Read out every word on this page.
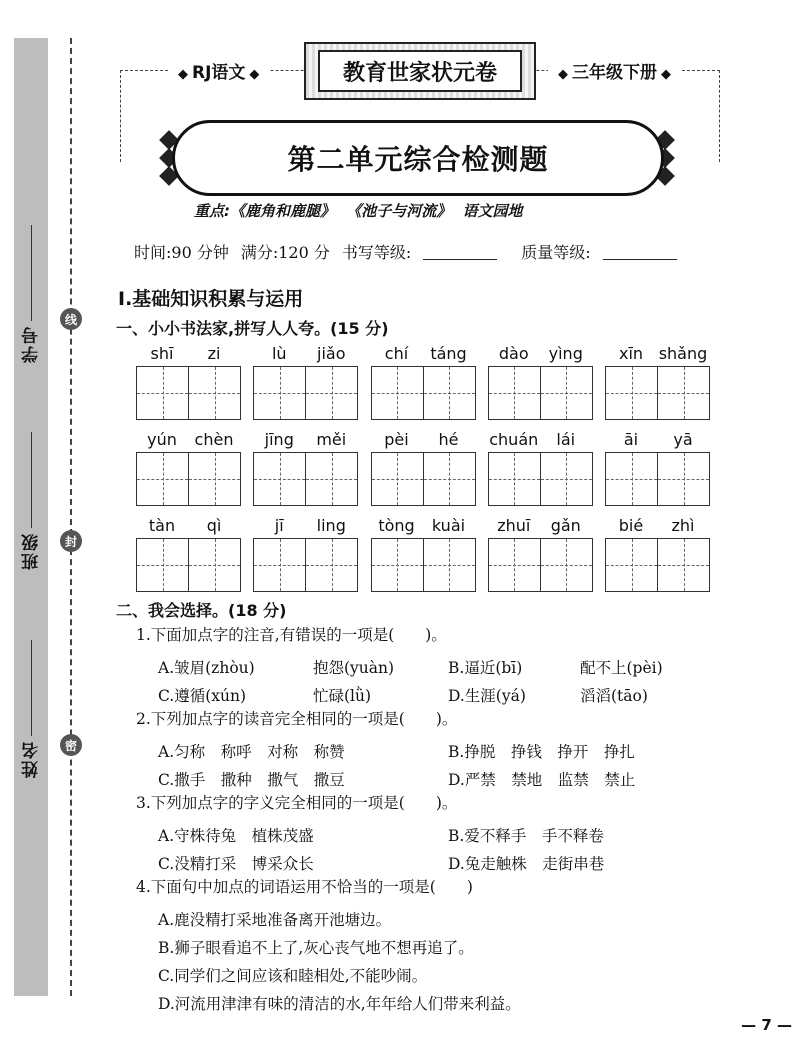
学号
班级
姓名
线
封
密
◆ RJ语文 ◆	◆ 三年级下册 ◆
教育世家状元卷
第二单元综合检测题
重点:《鹿角和鹿腿》 《池子与河流》 语文园地
时间:90 分钟 满分:120 分 书写等级:	质量等级:
Ⅰ.基础知识积累与运用
一、小小书法家,拼写人人夸。(15 分)
shī	zi	lù	jiǎo	chí	táng	dào	yìng	xīn shǎng
yún	chèn	jīng	měi	pèi	hé	chuán	lái	āi	yā
tàn	qì	jī	ling	tòng	kuài	zhuī	gǎn	bié	zhì
二、我会选择。(18 分)
1.下面加点字的注音,有错误的一项是(　　)。
A.皱眉(zhòu)	抱怨(yuàn)	B.逼近(bī)	配不上(pèi)
C.遵循(xún)	忙碌(lǜ)	D.生涯(yá)	滔滔(tāo)
2.下列加点字的读音完全相同的一项是(　　)。
A.匀称　称呼　对称　称赞	B.挣脱　挣钱　挣开　挣扎
C.撒手　撒种　撒气　撒豆	D.严禁　禁地　监禁　禁止
3.下列加点字的字义完全相同的一项是(　　)。
A.守株待兔　植株茂盛	B.爱不释手　手不释卷
C.没精打采　博采众长	D.兔走触株　走街串巷
4.下面句中加点的词语运用不恰当的一项是(　　)
A.鹿没精打采地准备离开池塘边。
B.狮子眼看追不上了,灰心丧气地不想再追了。
C.同学们之间应该和睦相处,不能吵闹。
D.河流用津津有味的清洁的水,年年给人们带来利益。
— 7 —
